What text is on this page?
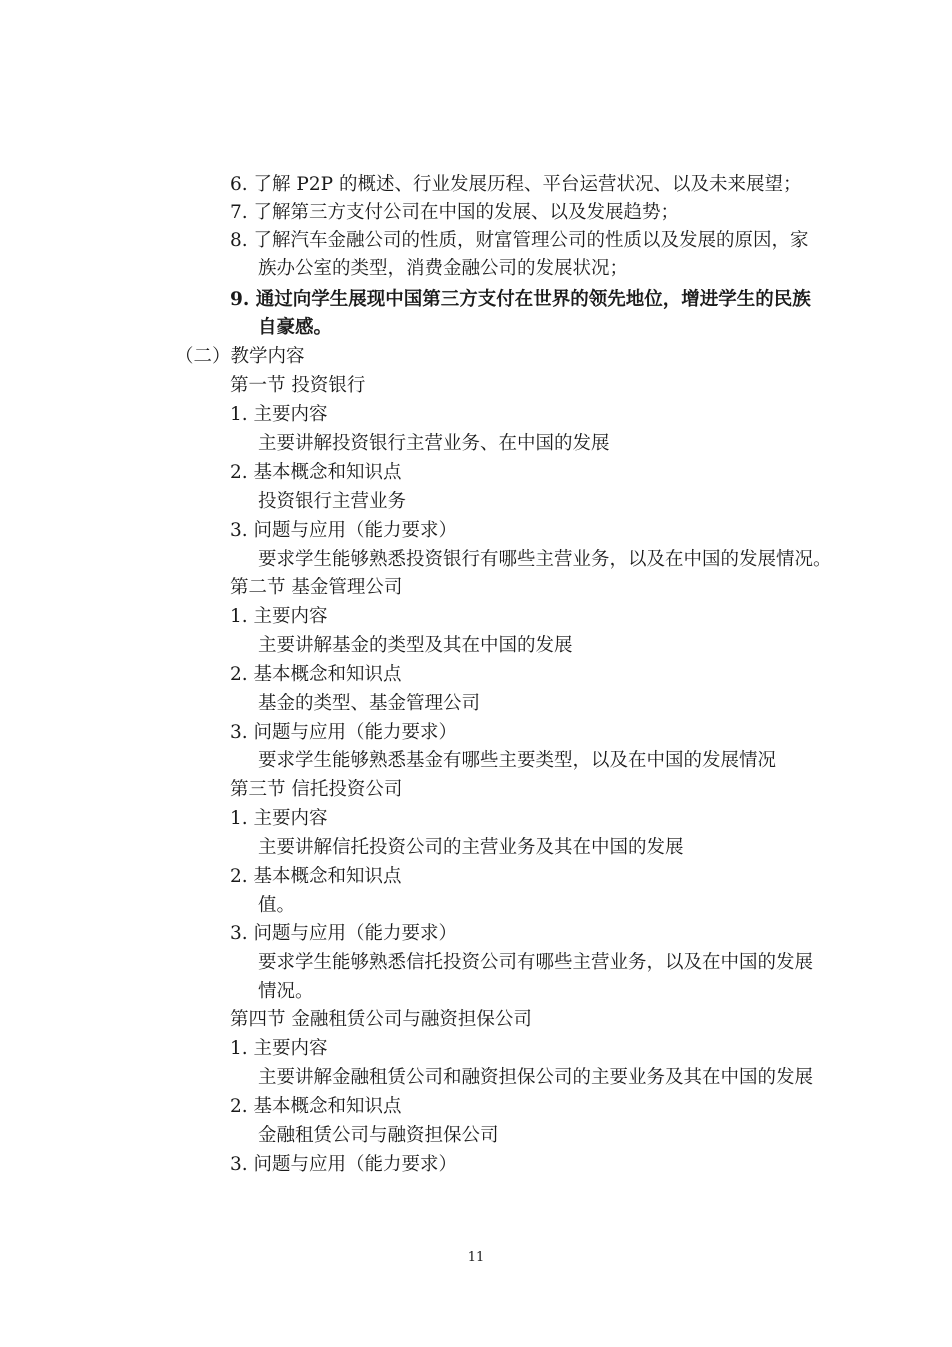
6. 了解 P2P 的概述、行业发展历程、平台运营状况、以及未来展望；
7. 了解第三方支付公司在中国的发展、以及发展趋势；
8. 了解汽车金融公司的性质，财富管理公司的性质以及发展的原因，家
族办公室的类型，消费金融公司的发展状况；
9. 通过向学生展现中国第三方支付在世界的领先地位，增进学生的民族
自豪感。
（二）教学内容
第一节 投资银行
1. 主要内容
主要讲解投资银行主营业务、在中国的发展
2. 基本概念和知识点
投资银行主营业务
3. 问题与应用（能力要求）
要求学生能够熟悉投资银行有哪些主营业务，以及在中国的发展情况。
第二节 基金管理公司
1. 主要内容
主要讲解基金的类型及其在中国的发展
2. 基本概念和知识点
基金的类型、基金管理公司
3. 问题与应用（能力要求）
要求学生能够熟悉基金有哪些主要类型，以及在中国的发展情况
第三节 信托投资公司
1. 主要内容
主要讲解信托投资公司的主营业务及其在中国的发展
2. 基本概念和知识点
值。
3. 问题与应用（能力要求）
要求学生能够熟悉信托投资公司有哪些主营业务，以及在中国的发展
情况。
第四节 金融租赁公司与融资担保公司
1. 主要内容
主要讲解金融租赁公司和融资担保公司的主要业务及其在中国的发展
2. 基本概念和知识点
金融租赁公司与融资担保公司
3. 问题与应用（能力要求）
11
